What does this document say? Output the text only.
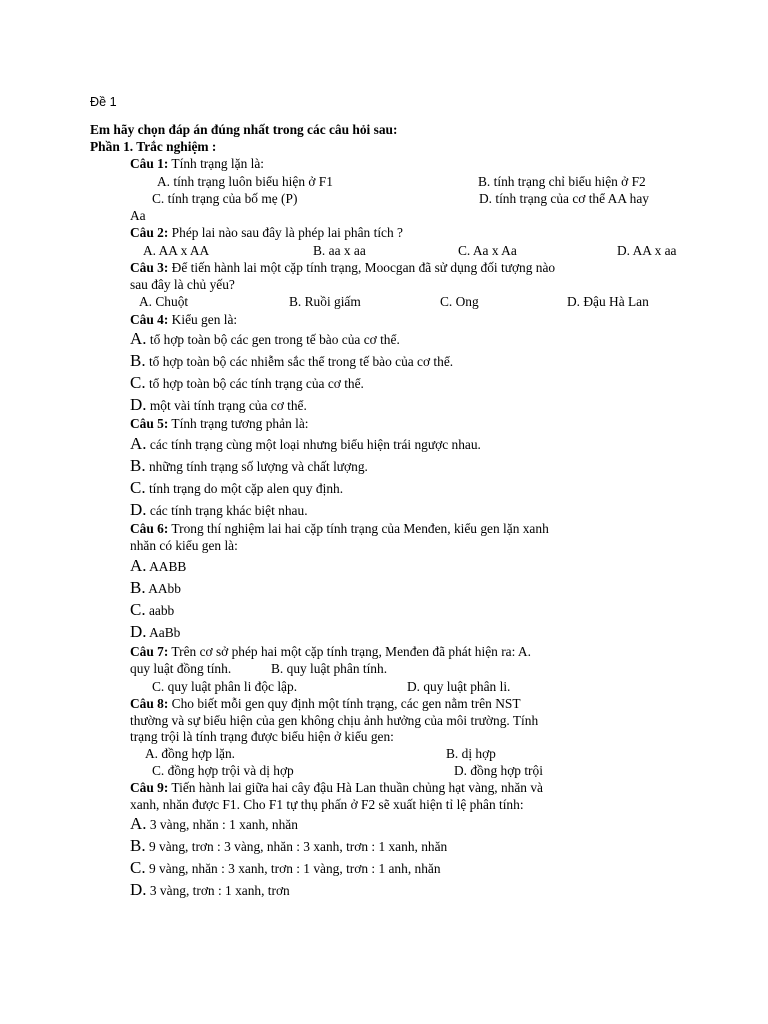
Đề 1
Em hãy chọn đáp án đúng nhất trong các câu hỏi sau:
Phần 1. Trắc nghiệm :
Câu 1: Tính trạng lặn là:
A. tính trạng luôn biểu hiện ở F1	B. tính trạng chỉ biểu hiện ở F2
C. tính trạng của bố mẹ (P)	D. tính trạng của cơ thể AA hay
Aa
Câu 2: Phép lai nào sau đây là phép lai phân tích ?
A. AA x AA	B. aa x aa	C. Aa x Aa	D. AA x aa
Câu 3: Để tiến hành lai một cặp tính trạng, Moocgan đã sử dụng đối tượng nào
sau đây là chủ yếu?
A. Chuột	B. Ruồi giấm	C. Ong	D. Đậu Hà Lan
Câu 4: Kiểu gen là:
A. tổ hợp toàn bộ các gen trong tế bào của cơ thể.
B. tổ hợp toàn bộ các nhiễm sắc thể trong tế bào của cơ thể.
C. tổ hợp toàn bộ các tính trạng của cơ thể.
D. một vài tính trạng của cơ thể.
Câu 5: Tính trạng tương phản là:
A. các tính trạng cùng một loại nhưng biểu hiện trái ngược nhau.
B. những tính trạng số lượng và chất lượng.
C. tính trạng do một cặp alen quy định.
D. các tính trạng khác biệt nhau.
Câu 6: Trong thí nghiệm lai hai cặp tính trạng của Menđen, kiểu gen lặn xanh
nhăn có kiểu gen là:
A. AABB
B. AAbb
C. aabb
D. AaBb
Câu 7: Trên cơ sở phép hai một cặp tính trạng, Menđen đã phát hiện ra: A.
quy luật đồng tính.	B. quy luật phân tính.
C. quy luật phân li độc lập.	D. quy luật phân li.
Câu 8: Cho biết mỗi gen quy định một tính trạng, các gen nằm trên NST
thường và sự biểu hiện của gen không chịu ảnh hưởng của môi trường. Tính
trạng trội là tính trạng được biểu hiện ở kiểu gen:
A. đồng hợp lặn.	B. dị hợp
C. đồng hợp trội và dị hợp	D. đồng hợp trội
Câu 9: Tiến hành lai giữa hai cây đậu Hà Lan thuần chủng hạt vàng, nhăn và
xanh, nhăn được F1. Cho F1 tự thụ phấn ở F2 sẽ xuất hiện tỉ lệ phân tính:
A. 3 vàng, nhăn : 1 xanh, nhăn
B. 9 vàng, trơn : 3 vàng, nhăn : 3 xanh, trơn : 1 xanh, nhăn
C. 9 vàng, nhăn : 3 xanh, trơn : 1 vàng, trơn : 1 anh, nhăn
D. 3 vàng, trơn : 1 xanh, trơn
